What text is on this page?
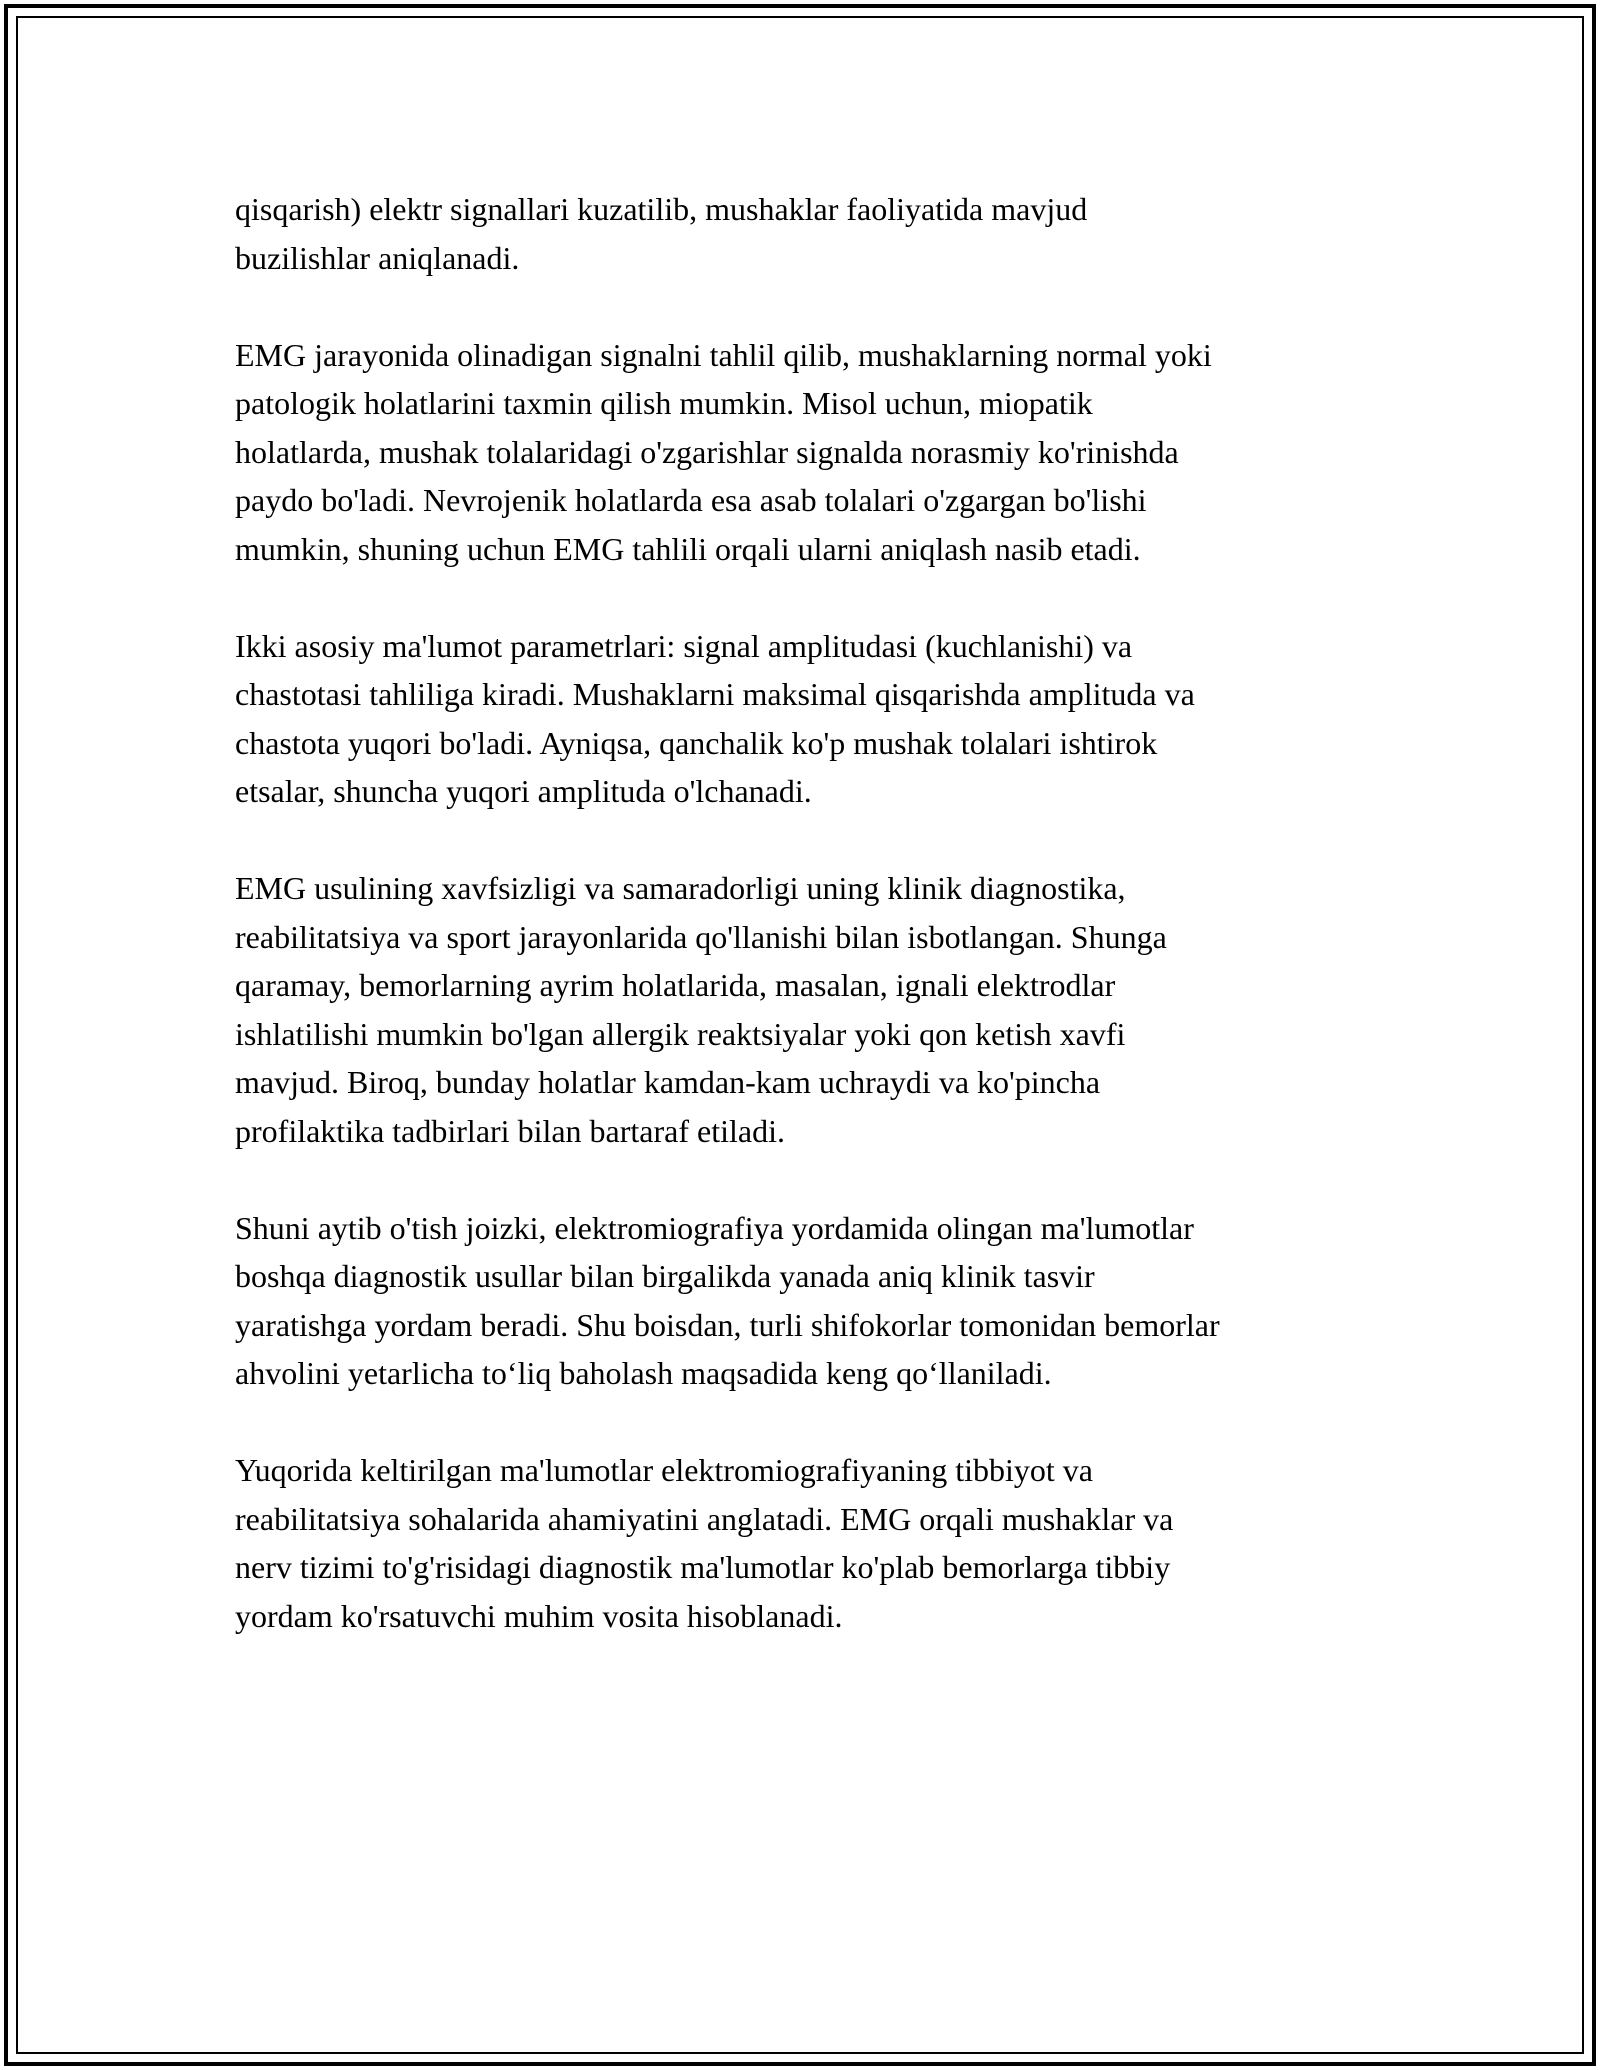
qisqarish) elektr signallari kuzatilib, mushaklar faoliyatida mavjud
buzilishlar aniqlanadi.

EMG jarayonida olinadigan signalni tahlil qilib, mushaklarning normal yoki
patologik holatlarini taxmin qilish mumkin. Misol uchun, miopatik
holatlarda, mushak tolalaridagi o'zgarishlar signalda norasmiy ko'rinishda
paydo bo'ladi. Nevrojenik holatlarda esa asab tolalari o'zgargan bo'lishi
mumkin, shuning uchun EMG tahlili orqali ularni aniqlash nasib etadi.

Ikki asosiy ma'lumot parametrlari: signal amplitudasi (kuchlanishi) va
chastotasi tahliliga kiradi. Mushaklarni maksimal qisqarishda amplituda va
chastota yuqori bo'ladi. Ayniqsa, qanchalik ko'p mushak tolalari ishtirok
etsalar, shuncha yuqori amplituda o'lchanadi.

EMG usulining xavfsizligi va samaradorligi uning klinik diagnostika,
reabilitatsiya va sport jarayonlarida qo'llanishi bilan isbotlangan. Shunga
qaramay, bemorlarning ayrim holatlarida, masalan, ignali elektrodlar
ishlatilishi mumkin bo'lgan allergik reaktsiyalar yoki qon ketish xavfi
mavjud. Biroq, bunday holatlar kamdan-kam uchraydi va ko'pincha
profilaktika tadbirlari bilan bartaraf etiladi.

Shuni aytib o'tish joizki, elektromiografiya yordamida olingan ma'lumotlar
boshqa diagnostik usullar bilan birgalikda yanada aniq klinik tasvir
yaratishga yordam beradi. Shu boisdan, turli shifokorlar tomonidan bemorlar
ahvolini yetarlicha to‘liq baholash maqsadida keng qo‘llaniladi.

Yuqorida keltirilgan ma'lumotlar elektromiografiyaning tibbiyot va
reabilitatsiya sohalarida ahamiyatini anglatadi. EMG orqali mushaklar va
nerv tizimi to'g'risidagi diagnostik ma'lumotlar ko'plab bemorlarga tibbiy
yordam ko'rsatuvchi muhim vosita hisoblanadi.
